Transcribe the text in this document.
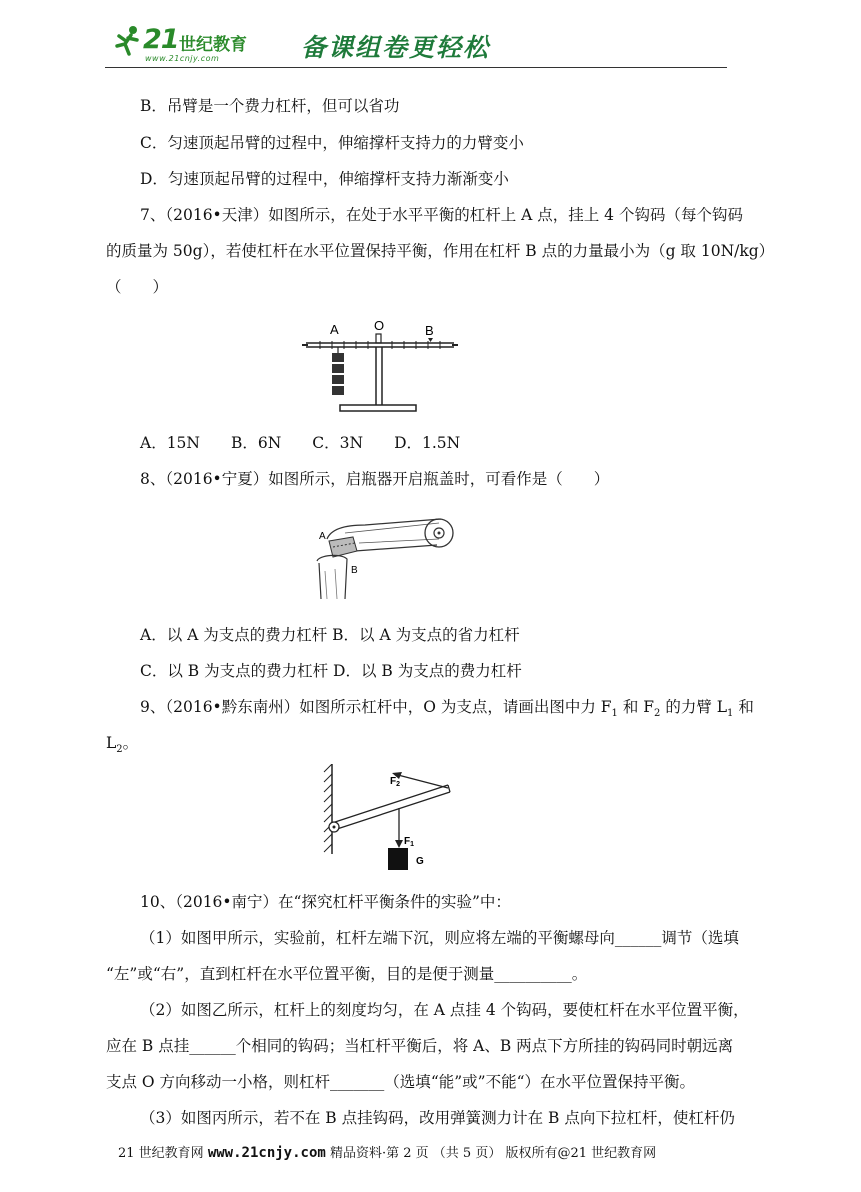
21 世纪教育
www.21cnjy.com	备课组卷更轻松
B．吊臂是一个费力杠杆，但可以省功
C．匀速顶起吊臂的过程中，伸缩撑杆支持力的力臂变小
D．匀速顶起吊臂的过程中，伸缩撑杆支持力渐渐变小
7、（2016•天津）如图所示，在处于水平平衡的杠杆上 A 点，挂上 4 个钩码（每个钩码
的质量为 50g），若使杠杆在水平位置保持平衡，作用在杠杆 B 点的力量最小为（g 取 10N/kg）
（　　）
A	O	B
A．15N　　B．6N　　C．3N　　D．1.5N
8、（2016•宁夏）如图所示，启瓶器开启瓶盖时，可看作是（　　）
A
B
A．以 A 为支点的费力杠杆 B．以 A 为支点的省力杠杆
C．以 B 为支点的费力杠杆 D．以 B 为支点的费力杠杆
9、（2016•黔东南州）如图所示杠杆中，O 为支点，请画出图中力 $F_1$ 和 $F_2$ 的力臂 $L_1$ 和
$L_2$。
$F_2$
$F_1$
G
10、（2016•南宁）在“探究杠杆平衡条件的实验”中：
（1）如图甲所示，实验前，杠杆左端下沉，则应将左端的平衡螺母向______调节（选填
“左”或“右”，直到杠杆在水平位置平衡，目的是便于测量__________。
（2）如图乙所示，杠杆上的刻度均匀，在 A 点挂 4 个钩码，要使杠杆在水平位置平衡，
应在 B 点挂______个相同的钩码；当杠杆平衡后，将 A、B 两点下方所挂的钩码同时朝远离
支点 O 方向移动一小格，则杠杆_______（选填“能”或”不能“）在水平位置保持平衡。
（3）如图丙所示，若不在 B 点挂钩码，改用弹簧测力计在 B 点向下拉杠杆，使杠杆仍
21 世纪教育网 www.21cnjy.com 精品资料·第 2 页 （共 5 页） 版权所有@21 世纪教育网
